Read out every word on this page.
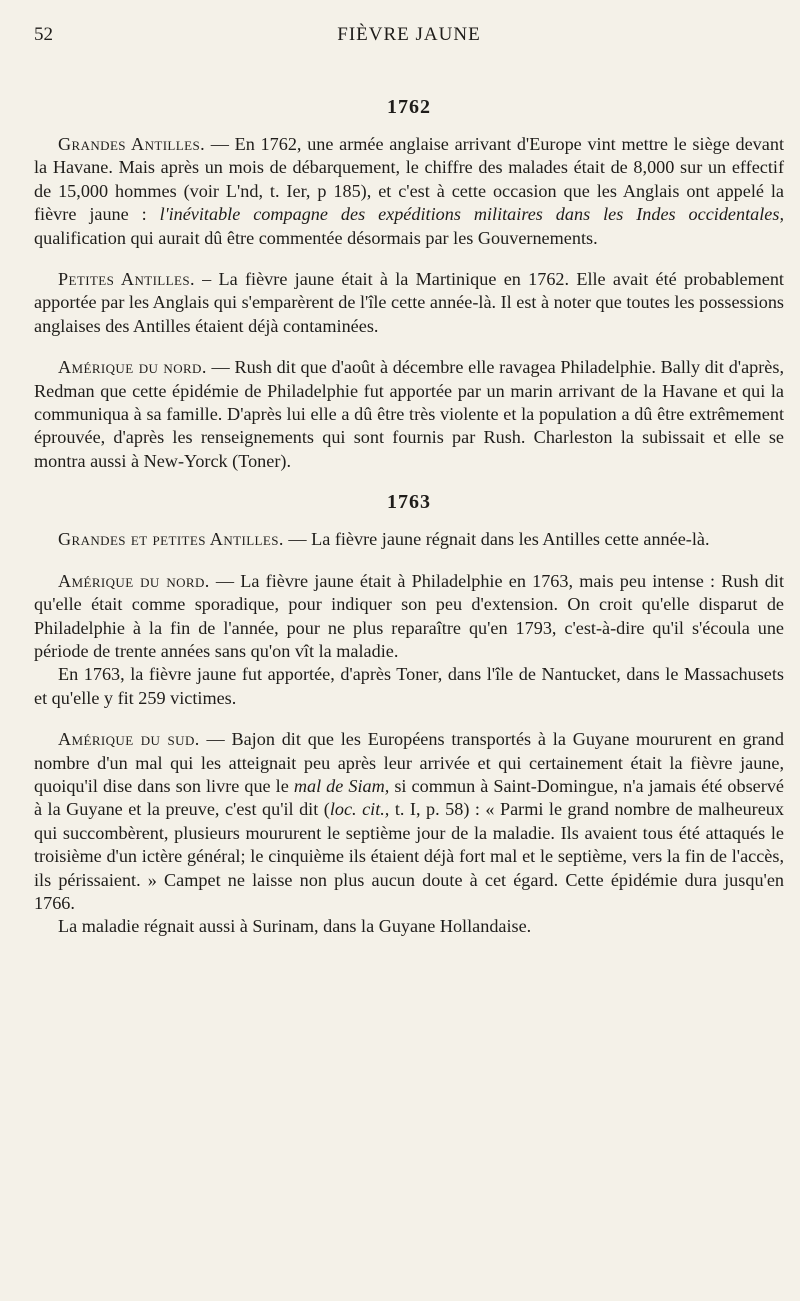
52	FIÈVRE JAUNE
1762

Grandes Antilles. — En 1762, une armée anglaise arrivant d'Europe vint mettre le siège devant la Havane. Mais après un mois de débarquement, le chiffre des malades était de 8,000 sur un effectif de 15,000 hommes (voir L'nd, t. Ier, p 185), et c'est à cette occasion que les Anglais ont appelé la fièvre jaune : l'inévitable compagne des expéditions militaires dans les Indes occidentales, qualification qui aurait dû être commentée désormais par les Gouvernements.

Petites Antilles. – La fièvre jaune était à la Martinique en 1762. Elle avait été probablement apportée par les Anglais qui s'emparèrent de l'île cette année-là. Il est à noter que toutes les possessions anglaises des Antilles étaient déjà contaminées.

Amérique du nord. — Rush dit que d'août à décembre elle ravagea Philadelphie. Bally dit d'après, Redman que cette épidémie de Philadelphie fut apportée par un marin arrivant de la Havane et qui la communiqua à sa famille. D'après lui elle a dû être très violente et la population a dû être extrêmement éprouvée, d'après les renseignements qui sont fournis par Rush. Charleston la subissait et elle se montra aussi à New-Yorck (Toner).

1763

Grandes et petites Antilles. — La fièvre jaune régnait dans les Antilles cette année-là.

Amérique du nord. — La fièvre jaune était à Philadelphie en 1763, mais peu intense : Rush dit qu'elle était comme sporadique, pour indiquer son peu d'extension. On croit qu'elle disparut de Philadelphie à la fin de l'année, pour ne plus reparaître qu'en 1793, c'est-à-dire qu'il s'écoula une période de trente années sans qu'on vît la maladie.

En 1763, la fièvre jaune fut apportée, d'après Toner, dans l'île de Nantucket, dans le Massachusets et qu'elle y fit 259 victimes.

Amérique du sud. — Bajon dit que les Européens transportés à la Guyane moururent en grand nombre d'un mal qui les atteignait peu après leur arrivée et qui certainement était la fièvre jaune, quoiqu'il dise dans son livre que le mal de Siam, si commun à Saint-Domingue, n'a jamais été observé à la Guyane et la preuve, c'est qu'il dit (loc. cit., t. I, p. 58) : « Parmi le grand nombre de malheureux qui succombèrent, plusieurs moururent le septième jour de la maladie. Ils avaient tous été attaqués le troisième d'un ictère général; le cinquième ils étaient déjà fort mal et le septième, vers la fin de l'accès, ils périssaient. » Campet ne laisse non plus aucun doute à cet égard. Cette épidémie dura jusqu'en 1766.

La maladie régnait aussi à Surinam, dans la Guyane Hollandaise.
